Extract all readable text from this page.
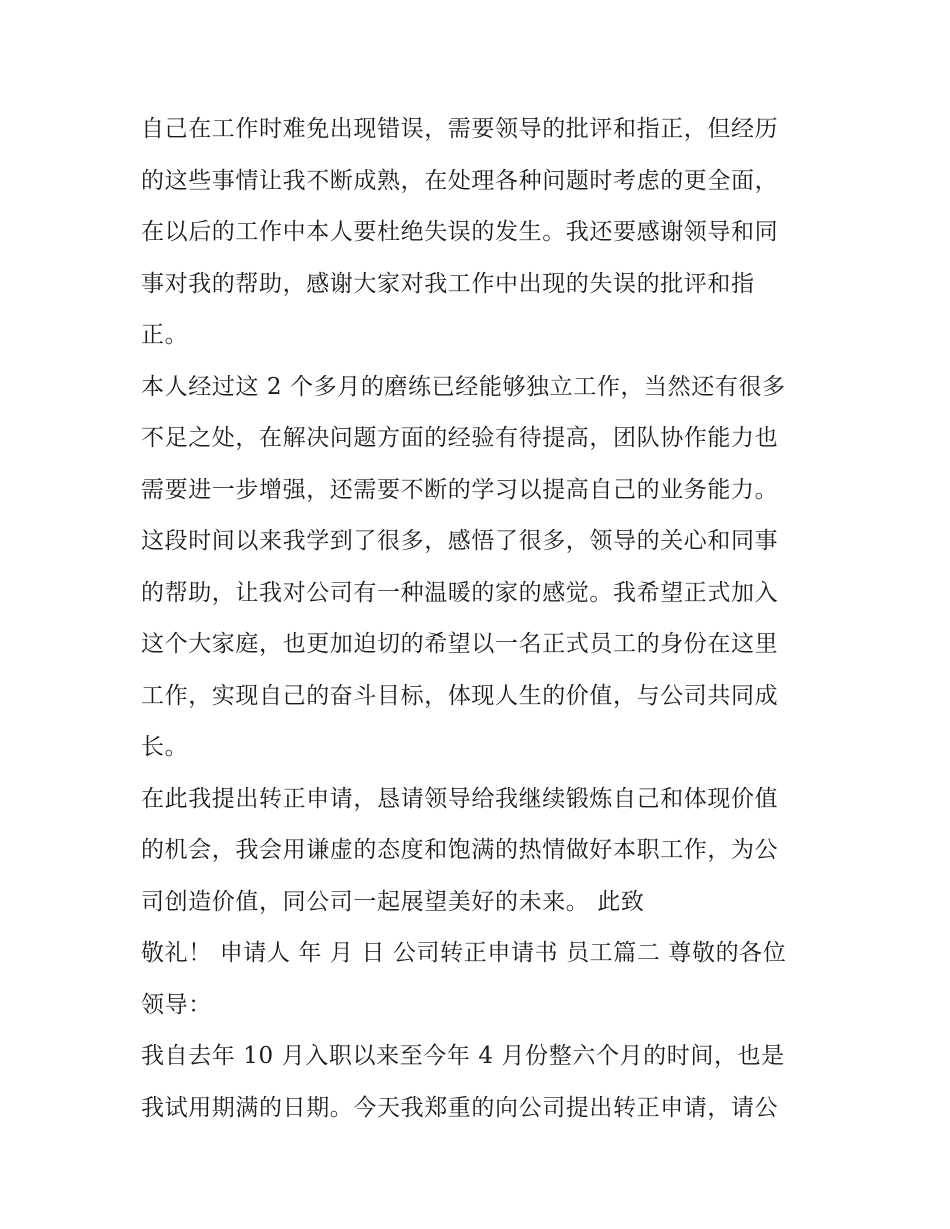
自己在工作时难免出现错误，需要领导的批评和指正，但经历
的这些事情让我不断成熟，在处理各种问题时考虑的更全面，
在以后的工作中本人要杜绝失误的发生。我还要感谢领导和同
事对我的帮助，感谢大家对我工作中出现的失误的批评和指
正。
本人经过这 2 个多月的磨练已经能够独立工作，当然还有很多
不足之处，在解决问题方面的经验有待提高，团队协作能力也
需要进一步增强，还需要不断的学习以提高自己的业务能力。
这段时间以来我学到了很多，感悟了很多，领导的关心和同事
的帮助，让我对公司有一种温暖的家的感觉。我希望正式加入
这个大家庭，也更加迫切的希望以一名正式员工的身份在这里
工作，实现自己的奋斗目标，体现人生的价值，与公司共同成
长。
在此我提出转正申请，恳请领导给我继续锻炼自己和体现价值
的机会，我会用谦虚的态度和饱满的热情做好本职工作，为公
司创造价值，同公司一起展望美好的未来。 此致
敬礼！ 申请人 年 月 日 公司转正申请书 员工篇二 尊敬的各位
领导：
我自去年 10 月入职以来至今年 4 月份整六个月的时间，也是
我试用期满的日期。今天我郑重的向公司提出转正申请，请公
